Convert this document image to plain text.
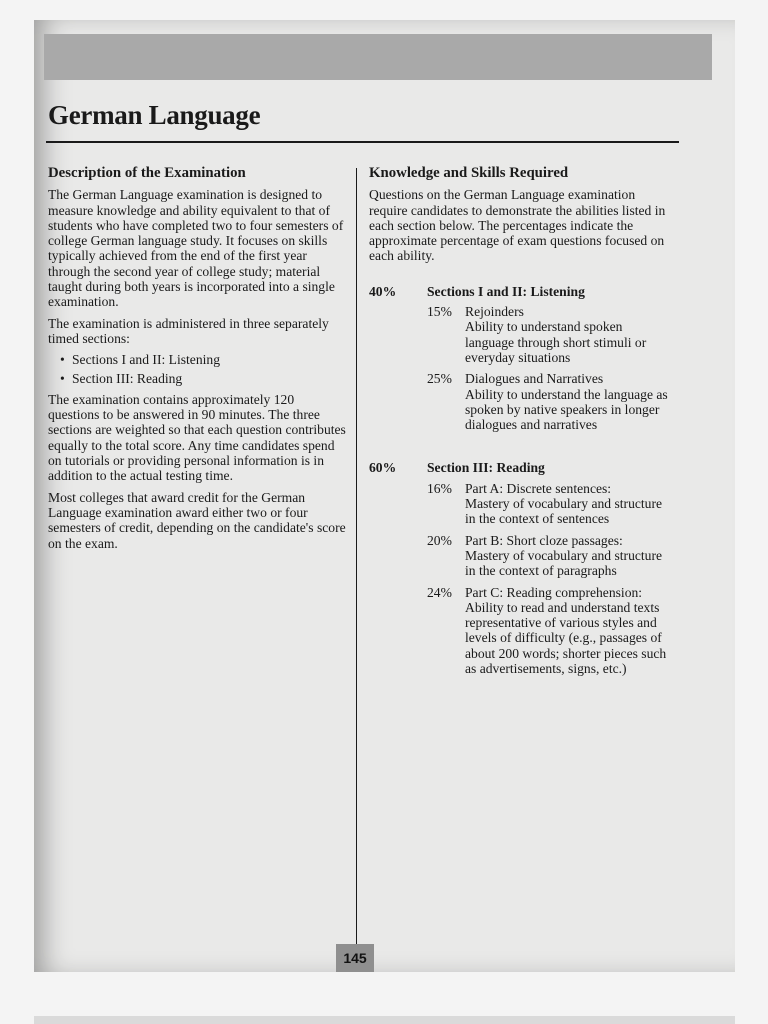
German Language
Description of the Examination

The German Language examination is designed to measure knowledge and ability equivalent to that of students who have completed two to four semesters of college German language study. It focuses on skills typically achieved from the end of the first year through the second year of college study; material taught during both years is incorporated into a single examination.

The examination is administered in three separately timed sections:

• Sections I and II: Listening
• Section III: Reading

The examination contains approximately 120 questions to be answered in 90 minutes. The three sections are weighted so that each question contributes equally to the total score. Any time candidates spend on tutorials or providing personal information is in addition to the actual testing time.

Most colleges that award credit for the German Language examination award either two or four semesters of credit, depending on the candidate's score on the exam.

Knowledge and Skills Required

Questions on the German Language examination require candidates to demonstrate the abilities listed in each section below. The percentages indicate the approximate percentage of exam questions focused on each ability.

40%	Sections I and II: Listening
15% Rejoinders
Ability to understand spoken language through short stimuli or everyday situations
25% Dialogues and Narratives
Ability to understand the language as spoken by native speakers in longer dialogues and narratives
60%	Section III: Reading
16% Part A: Discrete sentences:
Mastery of vocabulary and structure in the context of sentences
20% Part B: Short cloze passages:
Mastery of vocabulary and structure in the context of paragraphs
24% Part C: Reading comprehension:
Ability to read and understand texts representative of various styles and levels of difficulty (e.g., passages of about 200 words; shorter pieces such as advertisements, signs, etc.)
145
